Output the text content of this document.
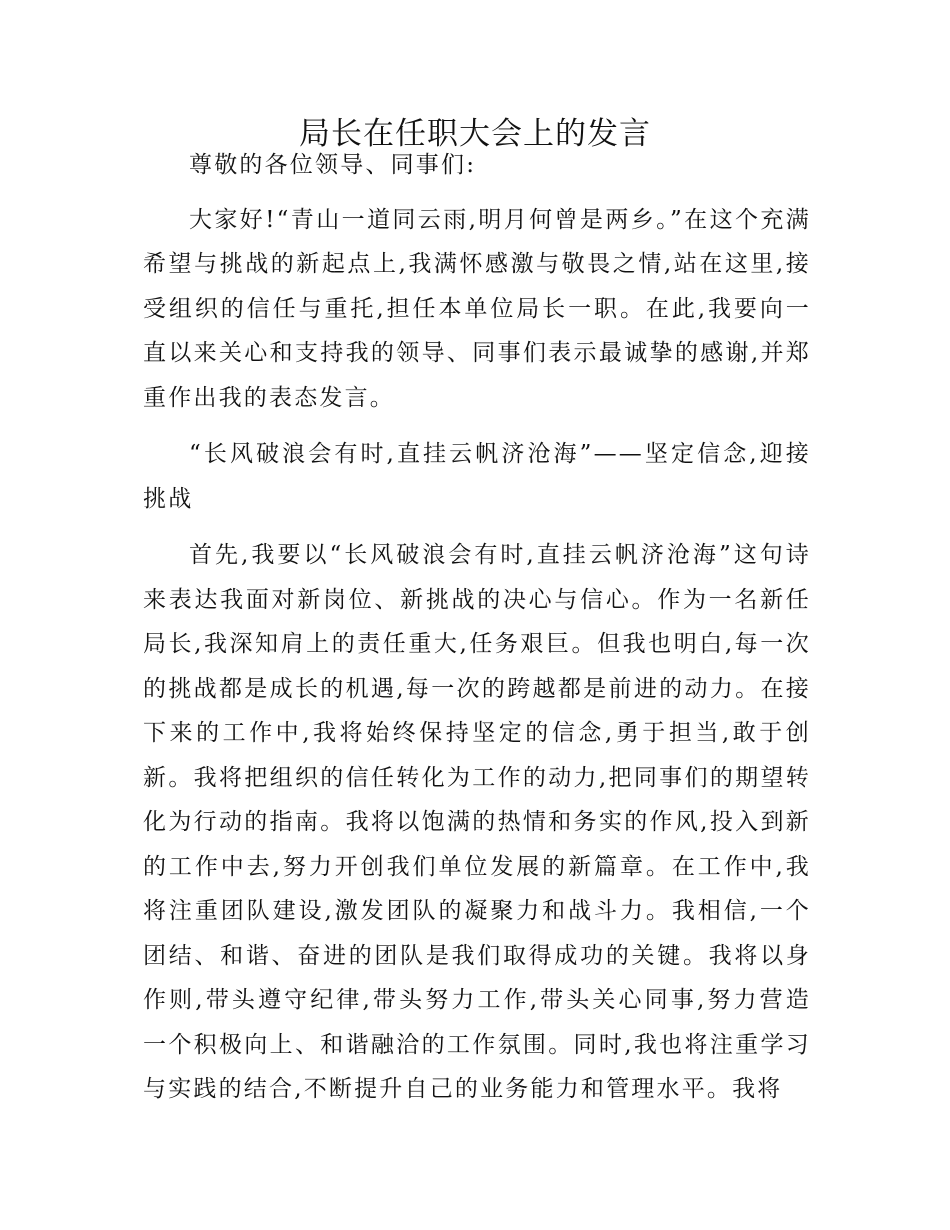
局长在任职大会上的发言

尊敬的各位领导、同事们:

大家好!“青山一道同云雨,明月何曾是两乡。”在这个充满希望与挑战的新起点上,我满怀感激与敬畏之情,站在这里,接受组织的信任与重托,担任本单位局长一职。在此,我要向一直以来关心和支持我的领导、同事们表示最诚挚的感谢,并郑重作出我的表态发言。

“长风破浪会有时,直挂云帆济沧海”——坚定信念,迎接挑战

首先,我要以“长风破浪会有时,直挂云帆济沧海”这句诗来表达我面对新岗位、新挑战的决心与信心。作为一名新任局长,我深知肩上的责任重大,任务艰巨。但我也明白,每一次的挑战都是成长的机遇,每一次的跨越都是前进的动力。在接下来的工作中,我将始终保持坚定的信念,勇于担当,敢于创新。我将把组织的信任转化为工作的动力,把同事们的期望转化为行动的指南。我将以饱满的热情和务实的作风,投入到新的工作中去,努力开创我们单位发展的新篇章。在工作中,我将注重团队建设,激发团队的凝聚力和战斗力。我相信,一个团结、和谐、奋进的团队是我们取得成功的关键。我将以身作则,带头遵守纪律,带头努力工作,带头关心同事,努力营造一个积极向上、和谐融洽的工作氛围。同时,我也将注重学习与实践的结合,不断提升自己的业务能力和管理水平。我将
